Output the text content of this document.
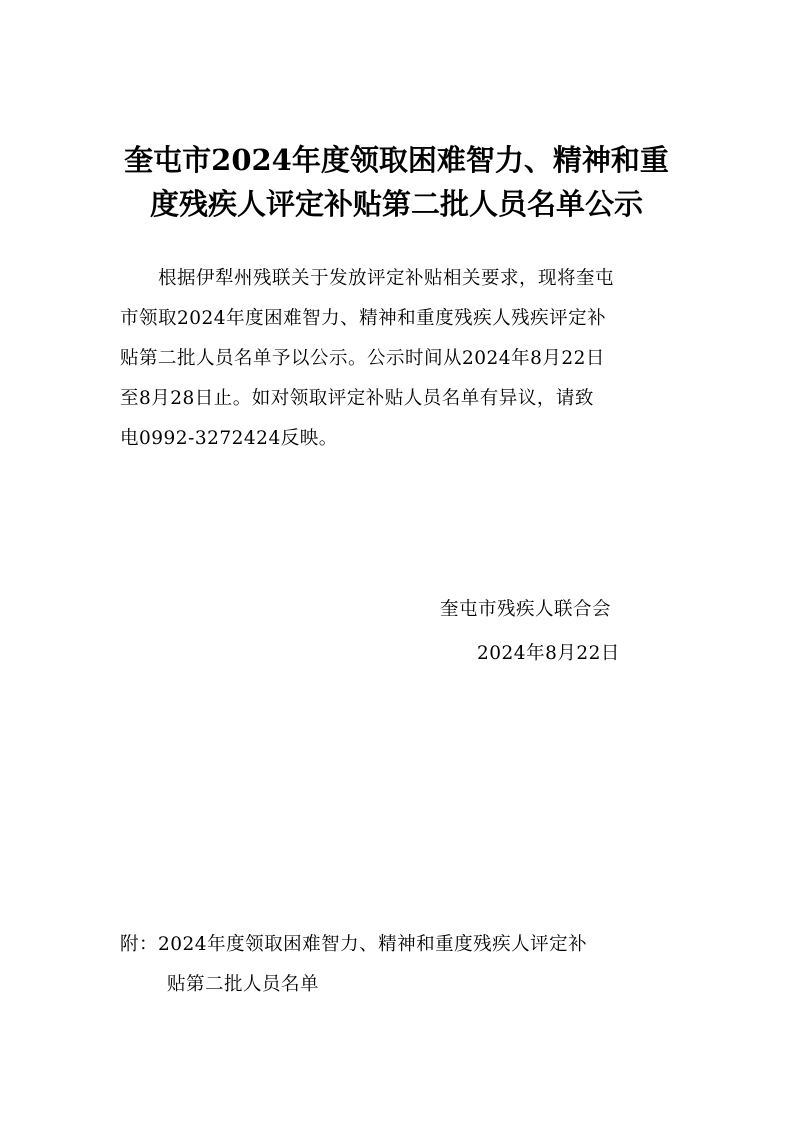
奎屯市2024年度领取困难智力、精神和重
度残疾人评定补贴第二批人员名单公示

根据伊犁州残联关于发放评定补贴相关要求，现将奎屯

市领取2024年度困难智力、精神和重度残疾人残疾评定补

贴第二批人员名单予以公示。公示时间从2024年8月22日

至8月28日止。如对领取评定补贴人员名单有异议，请致

电0992-3272424反映。

奎屯市残疾人联合会
2024年8月22日
附：2024年度领取困难智力、精神和重度残疾人评定补
贴第二批人员名单
